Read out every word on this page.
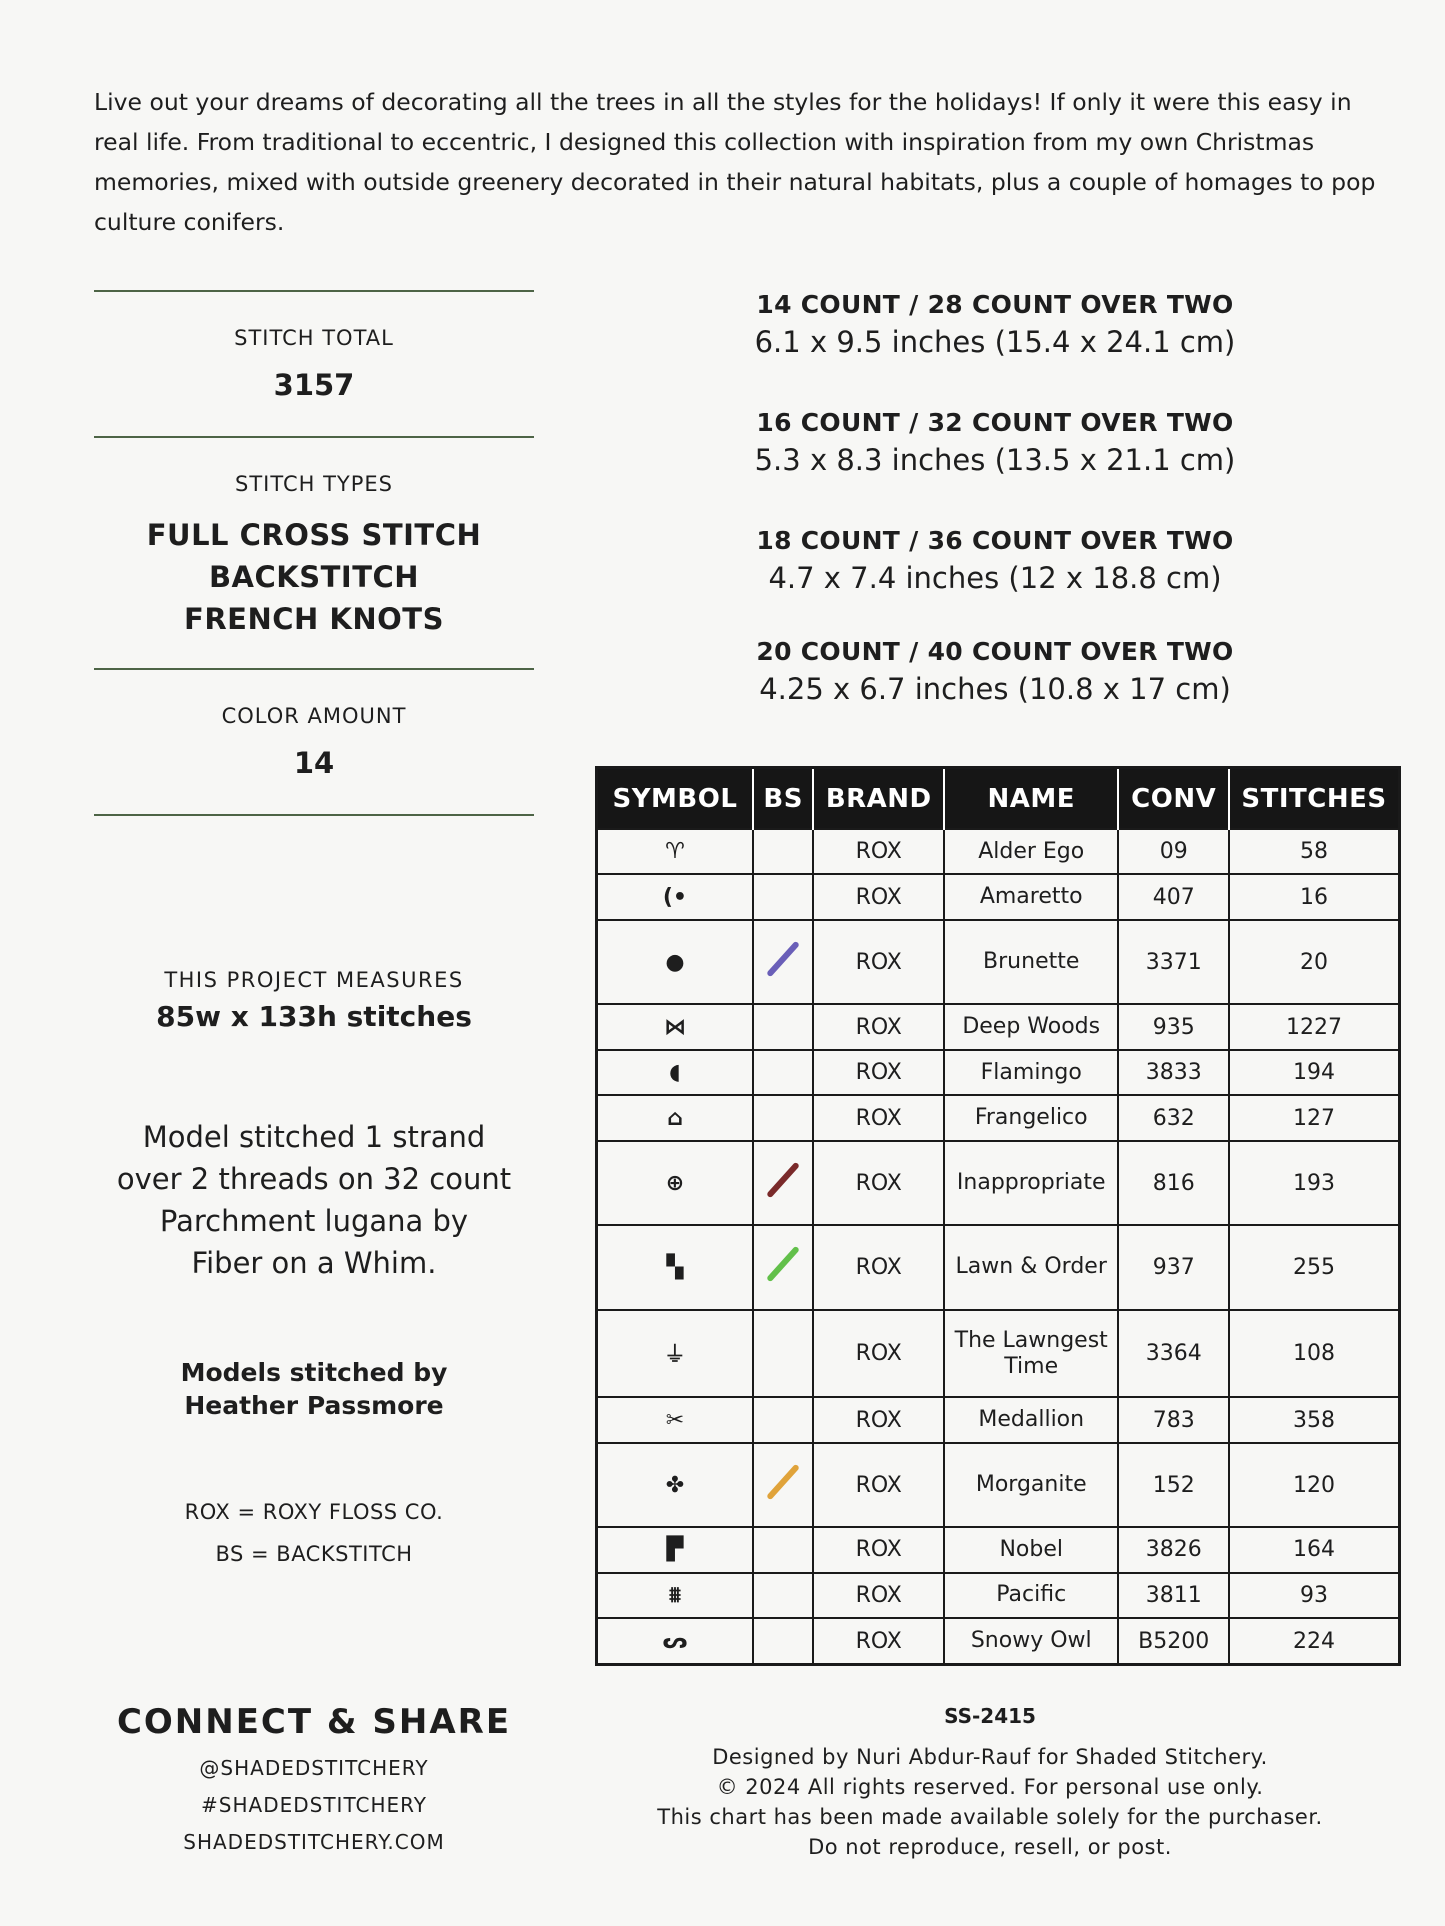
Live out your dreams of decorating all the trees in all the styles for the holidays! If only it were this easy in real life. From traditional to eccentric, I designed this collection with inspiration from my own Christmas memories, mixed with outside greenery decorated in their natural habitats, plus a couple of homages to pop culture conifers.
STITCH TOTAL
3157
STITCH TYPES
FULL CROSS STITCH
BACKSTITCH
FRENCH KNOTS
COLOR AMOUNT
14
THIS PROJECT MEASURES
85w x 133h stitches
Model stitched 1 strand
over 2 threads on 32 count
Parchment lugana by
Fiber on a Whim.
Models stitched by
Heather Passmore
ROX = ROXY FLOSS CO.
BS = BACKSTITCH
CONNECT & SHARE
@SHADEDSTITCHERY
#SHADEDSTITCHERY
SHADEDSTITCHERY.COM
14 COUNT / 28 COUNT OVER TWO
6.1 x 9.5 inches (15.4 x 24.1 cm)
16 COUNT / 32 COUNT OVER TWO
5.3 x 8.3 inches (13.5 x 21.1 cm)
18 COUNT / 36 COUNT OVER TWO
4.7 x 7.4 inches (12 x 18.8 cm)
20 COUNT / 40 COUNT OVER TWO
4.25 x 6.7 inches (10.8 x 17 cm)
SYMBOL	BS	BRAND	NAME	CONV	STITCHES
♈		ROX	Alder Ego	09	58
(•		ROX	Amaretto	407	16
●		ROX	Brunette	3371	20
⋈		ROX	Deep Woods	935	1227
◖		ROX	Flamingo	3833	194
⌂		ROX	Frangelico	632	127
⊕		ROX	Inappropriate	816	193
▚		ROX	Lawn & Order	937	255
⏚		ROX	The Lawngest Time	3364	108
✂		ROX	Medallion	783	358
✤		ROX	Morganite	152	120
▛		ROX	Nobel	3826	164
⩩		ROX	Pacific	3811	93
ᔕ		ROX	Snowy Owl	B5200	224
SS-2415
Designed by Nuri Abdur-Rauf for Shaded Stitchery.
© 2024 All rights reserved. For personal use only.
This chart has been made available solely for the purchaser.
Do not reproduce, resell, or post.
